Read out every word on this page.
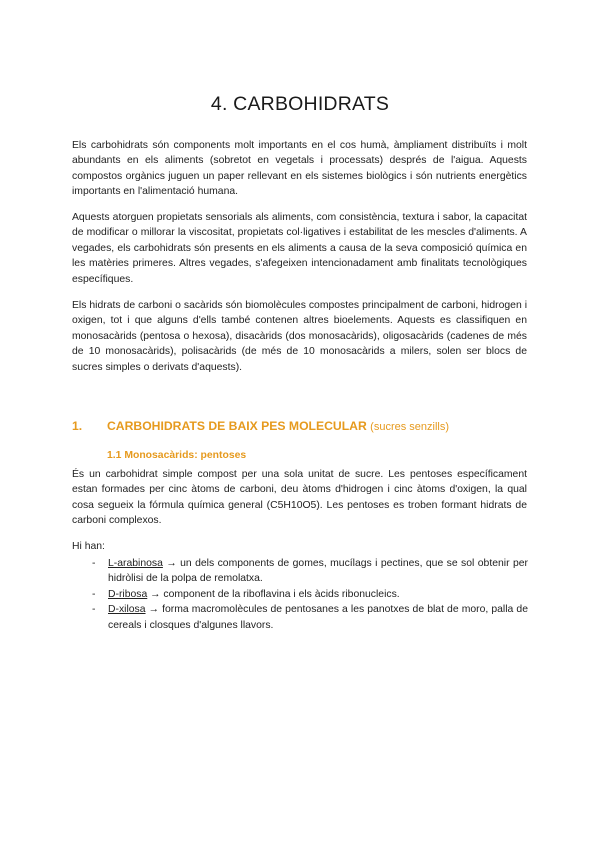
4. CARBOHIDRATS

Els carbohidrats són components molt importants en el cos humà, àmpliament distribuïts i molt abundants en els aliments (sobretot en vegetals i processats) després de l'aigua. Aquests compostos orgànics juguen un paper rellevant en els sistemes biològics i són nutrients energètics importants en l'alimentació humana.

Aquests atorguen propietats sensorials als aliments, com consistència, textura i sabor, la capacitat de modificar o millorar la viscositat, propietats col·ligatives i estabilitat de les mescles d'aliments. A vegades, els carbohidrats són presents en els aliments a causa de la seva composició química en les matèries primeres. Altres vegades, s'afegeixen intencionadament amb finalitats tecnològiques específiques.

Els hidrats de carboni o sacàrids són biomolècules compostes principalment de carboni, hidrogen i oxigen, tot i que alguns d'ells també contenen altres bioelements. Aquests es classifiquen en monosacàrids (pentosa o hexosa), disacàrids (dos monosacàrids), oligosacàrids (cadenes de més de 10 monosacàrids), polisacàrids (de més de 10 monosacàrids a milers, solen ser blocs de sucres simples o derivats d'aquests).

1. CARBOHIDRATS DE BAIX PES MOLECULAR (sucres senzills)
1.1 Monosacàrids: pentoses

És un carbohidrat simple compost per una sola unitat de sucre. Les pentoses específicament estan formades per cinc àtoms de carboni, deu àtoms d'hidrogen i cinc àtoms d'oxigen, la qual cosa segueix la fórmula química general (C5H10O5). Les pentoses es troben formant hidrats de carboni complexos.

Hi han:

- L-arabinosa → un dels components de gomes, mucílags i pectines, que se sol obtenir per hidròlisi de la polpa de remolatxa.
- D-ribosa → component de la riboflavina i els àcids ribonucleics.
- D-xilosa → forma macromolècules de pentosanes a les panotxes de blat de moro, palla de cereals i closques d'algunes llavors.
